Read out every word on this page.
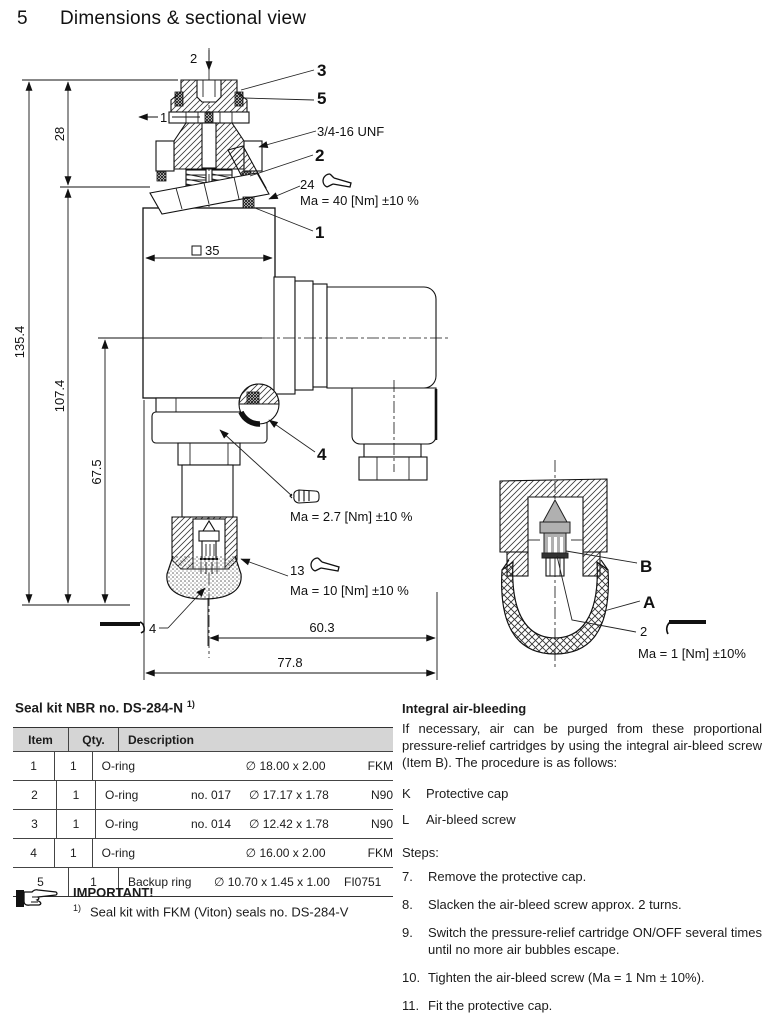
5 Dimensions & sectional view
135.4
28
107.4
67.5
35
60.3
77.8
2
1
3
5
3/4-16 UNF
2
24
Ma = 40 [Nm] ±10 %
1
4
Ma = 2.7 [Nm] ±10 %
13
Ma = 10 [Nm] ±10 %
4
B
A
2
Ma = 1 [Nm] ±10%
Seal kit NBR no. DS-284-N $^{1)}$
Item	Qty.	Description
1	1	O-ring	∅ 18.00 x 2.00	FKM
2	1	O-ring	no. 017	∅ 17.17 x 1.78	N90
3	1	O-ring	no. 014	∅ 12.42 x 1.78	N90
4	1	O-ring	∅ 16.00 x 2.00	FKM
5	1	Backup ring	∅ 10.70 x 1.45 x 1.00	FI0751
IMPORTANT!
$^{1)}$ Seal kit with FKM (Viton) seals no. DS-284-V

Integral air-bleeding

If necessary, air can be purged from these proportional pressure-relief cartridges by using the integral air-bleed screw (Item B). The procedure is as follows:

K	Protective cap
L	Air-bleed screw

Steps:

7.	Remove the protective cap.
8.	Slacken the air-bleed screw approx. 2 turns.
9.	Switch the pressure-relief cartridge ON/OFF several times until no more air bubbles escape.
10. Tighten the air-bleed screw (Ma = 1 Nm ± 10%).
11. Fit the protective cap.
